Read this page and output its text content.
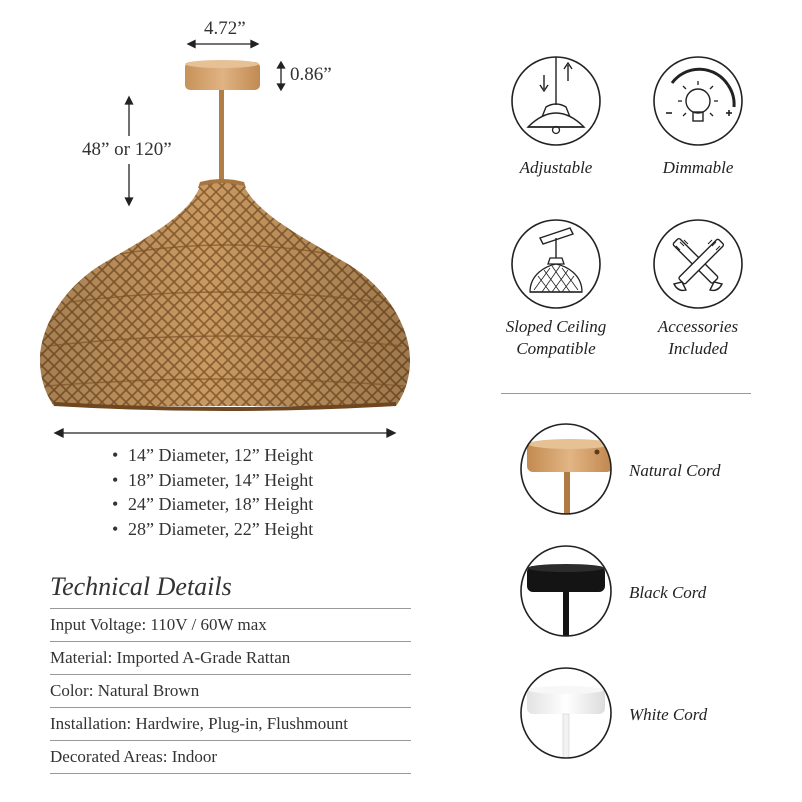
4.72”
0.86”
48” or 120”
• 14” Diameter, 12” Height
• 18” Diameter, 14” Height
• 24” Diameter, 18” Height
• 28” Diameter, 22” Height
Technical Details
Input Voltage: 110V / 60W max
Material: Imported A-Grade Rattan
Color: Natural Brown
Installation: Hardwire, Plug-in, Flushmount
Decorated Areas: Indoor
Adjustable	Dimmable
Sloped Ceiling
Compatible
Accessories
Included
Natural Cord
Black Cord
White Cord
